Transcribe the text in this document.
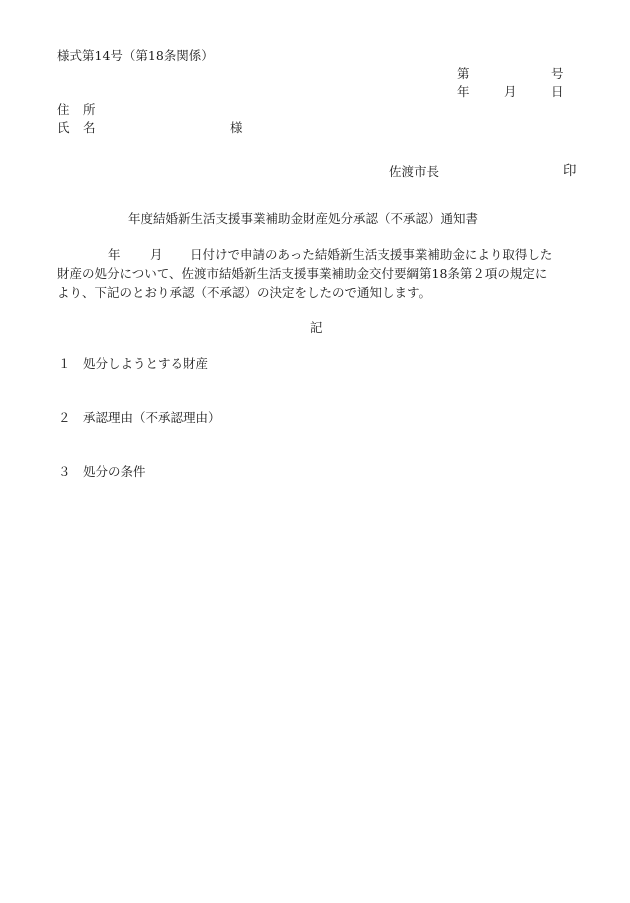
様式第14号（第18条関係）
第	号
年	月	日
住 所
氏 名	様
佐渡市長	印
年度結婚新生活支援事業補助金財産処分承認（不承認）通知書
年 月 日付けで申請のあった結婚新生活支援事業補助金により取得した
財産の処分について、佐渡市結婚新生活支援事業補助金交付要綱第18条第２項の規定に
より、下記のとおり承認（不承認）の決定をしたので通知します。
記
１ 処分しようとする財産
２ 承認理由（不承認理由）
３ 処分の条件
